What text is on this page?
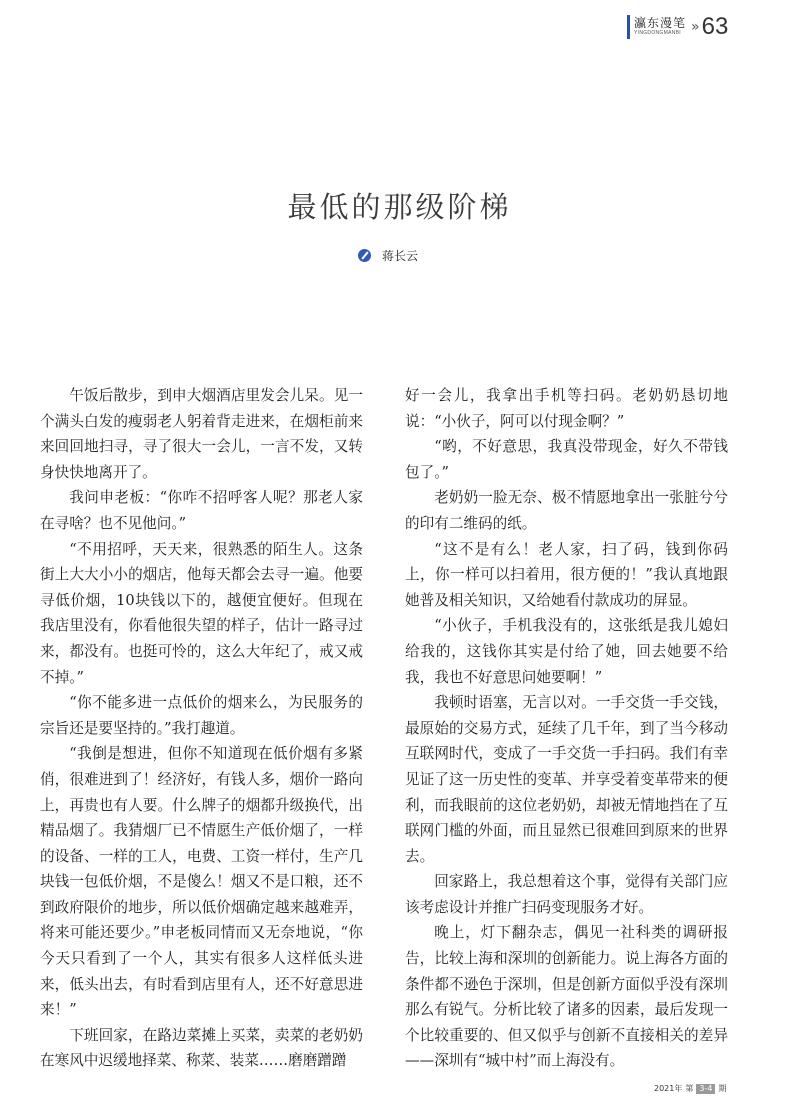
瀛东漫笔
YINGDONGMANBI » 63
最低的那级阶梯
蒋长云

午饭后散步，到申大烟酒店里发会儿呆。见一个满头白发的瘦弱老人躬着背走进来，在烟柜前来来回回地扫寻，寻了很大一会儿，一言不发，又转身快快地离开了。

我问申老板：“你咋不招呼客人呢？那老人家在寻啥？也不见他问。”

“不用招呼，天天来，很熟悉的陌生人。这条街上大大小小的烟店，他每天都会去寻一遍。他要寻低价烟，10块钱以下的，越便宜便好。但现在我店里没有，你看他很失望的样子，估计一路寻过来，都没有。也挺可怜的，这么大年纪了，戒又戒不掉。”

“你不能多进一点低价的烟来么，为民服务的宗旨还是要坚持的。”我打趣道。

“我倒是想进，但你不知道现在低价烟有多紧俏，很难进到了！经济好，有钱人多，烟价一路向上，再贵也有人要。什么牌子的烟都升级换代，出精品烟了。我猜烟厂已不情愿生产低价烟了，一样的设备、一样的工人，电费、工资一样付，生产几块钱一包低价烟，不是傻么！烟又不是口粮，还不到政府限价的地步，所以低价烟确定越来越难弄，将来可能还要少。”申老板同情而又无奈地说，“你今天只看到了一个人，其实有很多人这样低头进来，低头出去，有时看到店里有人，还不好意思进来！”

下班回家，在路边菜摊上买菜，卖菜的老奶奶在寒风中迟缓地择菜、称菜、装菜……磨磨蹭蹭

好一会儿，我拿出手机等扫码。老奶奶恳切地说：“小伙子，阿可以付现金啊？”

“哟，不好意思，我真没带现金，好久不带钱包了。”

老奶奶一脸无奈、极不情愿地拿出一张脏兮兮的印有二维码的纸。

“这不是有么！老人家，扫了码，钱到你码上，你一样可以扫着用，很方便的！”我认真地跟她普及相关知识，又给她看付款成功的屏显。

“小伙子，手机我没有的，这张纸是我儿媳妇给我的，这钱你其实是付给了她，回去她要不给我，我也不好意思问她要啊！”

我顿时语塞，无言以对。一手交货一手交钱，最原始的交易方式，延续了几千年，到了当今移动互联网时代，变成了一手交货一手扫码。我们有幸见证了这一历史性的变革、并享受着变革带来的便利，而我眼前的这位老奶奶，却被无情地挡在了互联网门槛的外面，而且显然已很难回到原来的世界去。

回家路上，我总想着这个事，觉得有关部门应该考虑设计并推广扫码变现服务才好。

晚上，灯下翻杂志，偶见一社科类的调研报告，比较上海和深圳的创新能力。说上海各方面的条件都不逊色于深圳，但是创新方面似乎没有深圳那么有锐气。分析比较了诸多的因素，最后发现一个比较重要的、但又似乎与创新不直接相关的差异——深圳有“城中村”而上海没有。

2021年 第 3-4 期
